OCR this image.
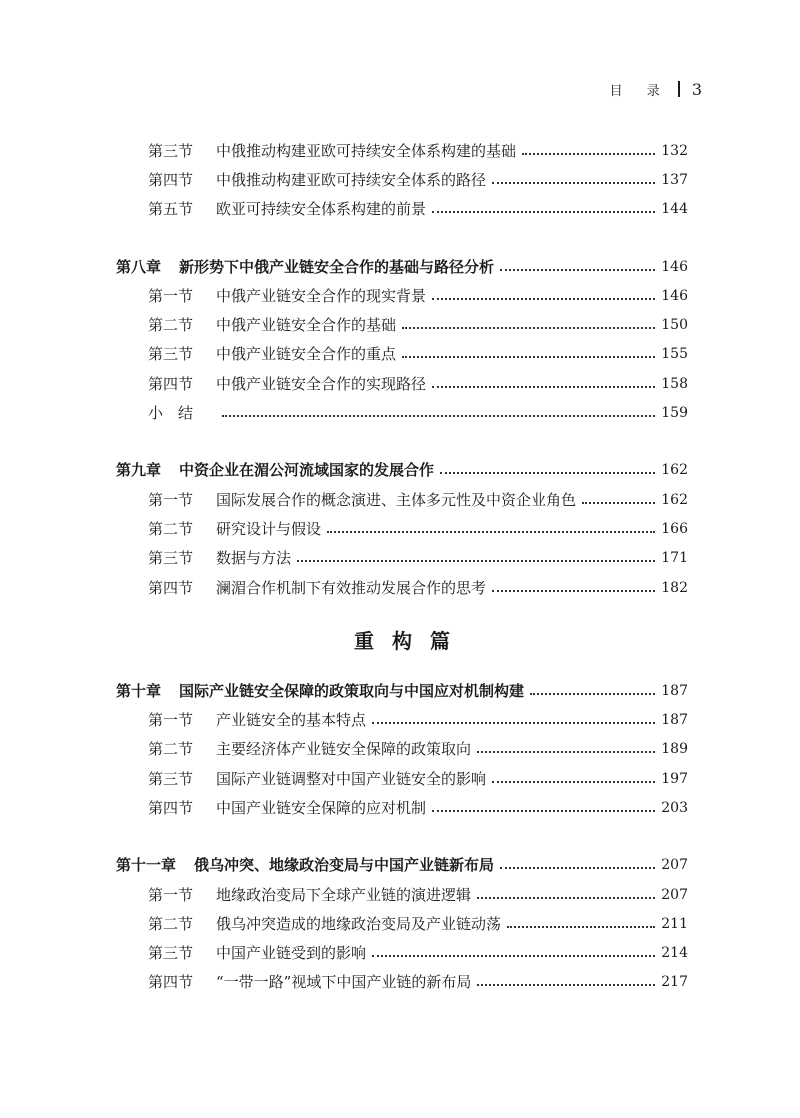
目 录 3
第三节	中俄推动构建亚欧可持续安全体系构建的基础	132
第四节	中俄推动构建亚欧可持续安全体系的路径	137
第五节	欧亚可持续安全体系构建的前景	144
第八章 新形势下中俄产业链安全合作的基础与路径分析	146
第一节	中俄产业链安全合作的现实背景	146
第二节	中俄产业链安全合作的基础	150
第三节	中俄产业链安全合作的重点	155
第四节	中俄产业链安全合作的实现路径	158
小结	159
第九章 中资企业在湄公河流域国家的发展合作	162
第一节	国际发展合作的概念演进、主体多元性及中资企业角色	162
第二节	研究设计与假设	166
第三节	数据与方法	171
第四节	澜湄合作机制下有效推动发展合作的思考	182
重构篇
第十章 国际产业链安全保障的政策取向与中国应对机制构建	187
第一节	产业链安全的基本特点	187
第二节	主要经济体产业链安全保障的政策取向	189
第三节	国际产业链调整对中国产业链安全的影响	197
第四节	中国产业链安全保障的应对机制	203
第十一章 俄乌冲突、地缘政治变局与中国产业链新布局	207
第一节	地缘政治变局下全球产业链的演进逻辑	207
第二节	俄乌冲突造成的地缘政治变局及产业链动荡	211
第三节	中国产业链受到的影响	214
第四节	“一带一路”视域下中国产业链的新布局	217
